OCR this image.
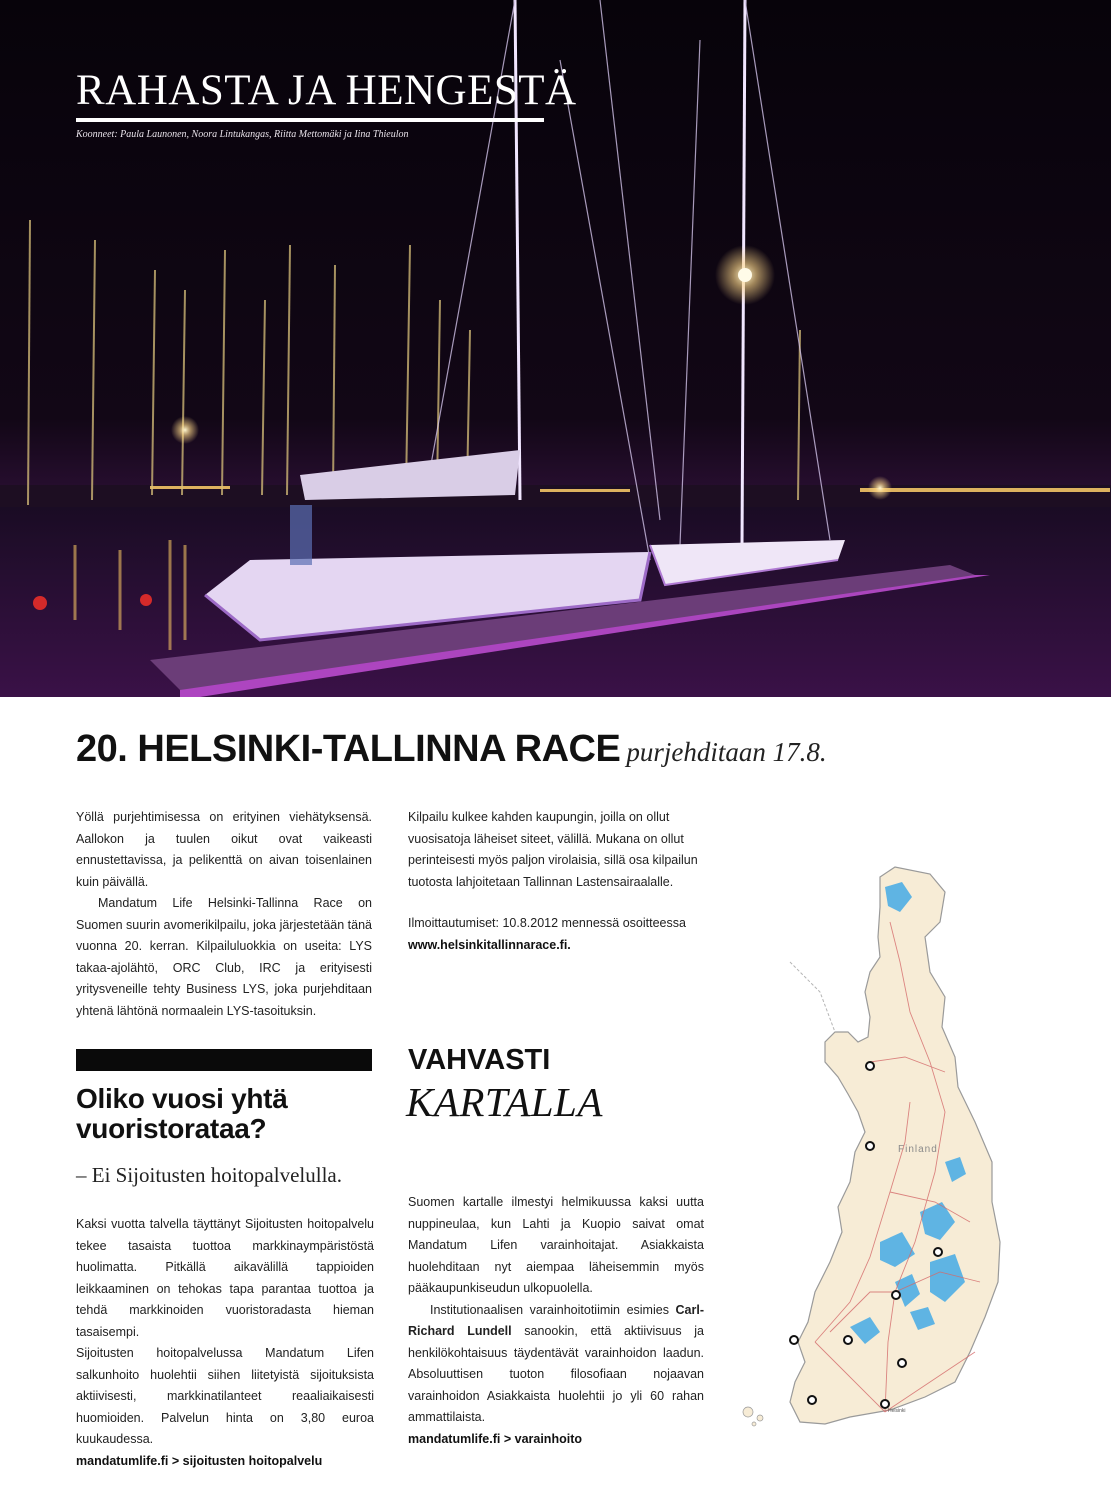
RAHASTA JA HENGESTÄ
Koonneet: Paula Launonen, Noora Lintukangas, Riitta Mettomäki ja Iina Thieulon
20. HELSINKI-TALLINNA RACE purjehditaan 17.8.

Yöllä purjehtimisessa on erityinen viehätyksensä. Aallokon ja tuulen oikut ovat vaikeasti ennustettavissa, ja pelikenttä on aivan toisenlainen kuin päivällä.

Mandatum Life Helsinki-Tallinna Race on Suomen suurin avomerikilpailu, joka järjestetään tänä vuonna 20. kerran. Kilpailuluokkia on useita: LYS takaa-ajolähtö, ORC Club, IRC ja erityisesti yritysveneille tehty Business LYS, joka purjehditaan yhtenä lähtönä normaalein LYS-tasoituksin.

Kilpailu kulkee kahden kaupungin, joilla on ollut vuosisatoja läheiset siteet, välillä. Mukana on ollut perinteisesti myös paljon virolaisia, sillä osa kilpailun tuotosta lahjoitetaan Tallinnan Lastensairaalalle.

Ilmoittautumiset: 10.8.2012 mennessä osoitteessa

www.helsinkitallinnarace.fi.

Oliko vuosi yhtä vuoristorataa?
– Ei Sijoitusten hoitopalvelulla.

Kaksi vuotta talvella täyttänyt Sijoitusten hoitopalvelu tekee tasaista tuottoa markkinaympäristöstä huolimatta. Pitkällä aikavälillä tappioiden leikkaaminen on tehokas tapa parantaa tuottoa ja tehdä markkinoiden vuoristoradasta hieman tasaisempi.

Sijoitusten hoitopalvelussa Mandatum Lifen salkunhoito huolehtii siihen liitetyistä sijoituksista aktiivisesti, markkinatilanteet reaaliaikaisesti huomioiden. Palvelun hinta on 3,80 euroa kuukaudessa.

mandatumlife.fi > sijoitusten hoitopalvelu

VAHVASTI
KARTALLA

Suomen kartalle ilmestyi helmikuussa kaksi uutta nuppineulaa, kun Lahti ja Kuopio saivat omat Mandatum Lifen varainhoitajat. Asiakkaista huolehditaan nyt aiempaa läheisemmin myös pääkaupunkiseudun ulkopuolella.

Institutionaalisen varainhoitotiimin esimies Carl-Richard Lundell sanookin, että aktiivisuus ja henkilökohtaisuus täydentävät varainhoidon laadun. Absoluuttisen tuoton filosofiaan nojaavan varainhoidon Asiakkaista huolehtii jo yli 60 rahan ammattilaista.

mandatumlife.fi > varainhoito

Finland
Helsinki
